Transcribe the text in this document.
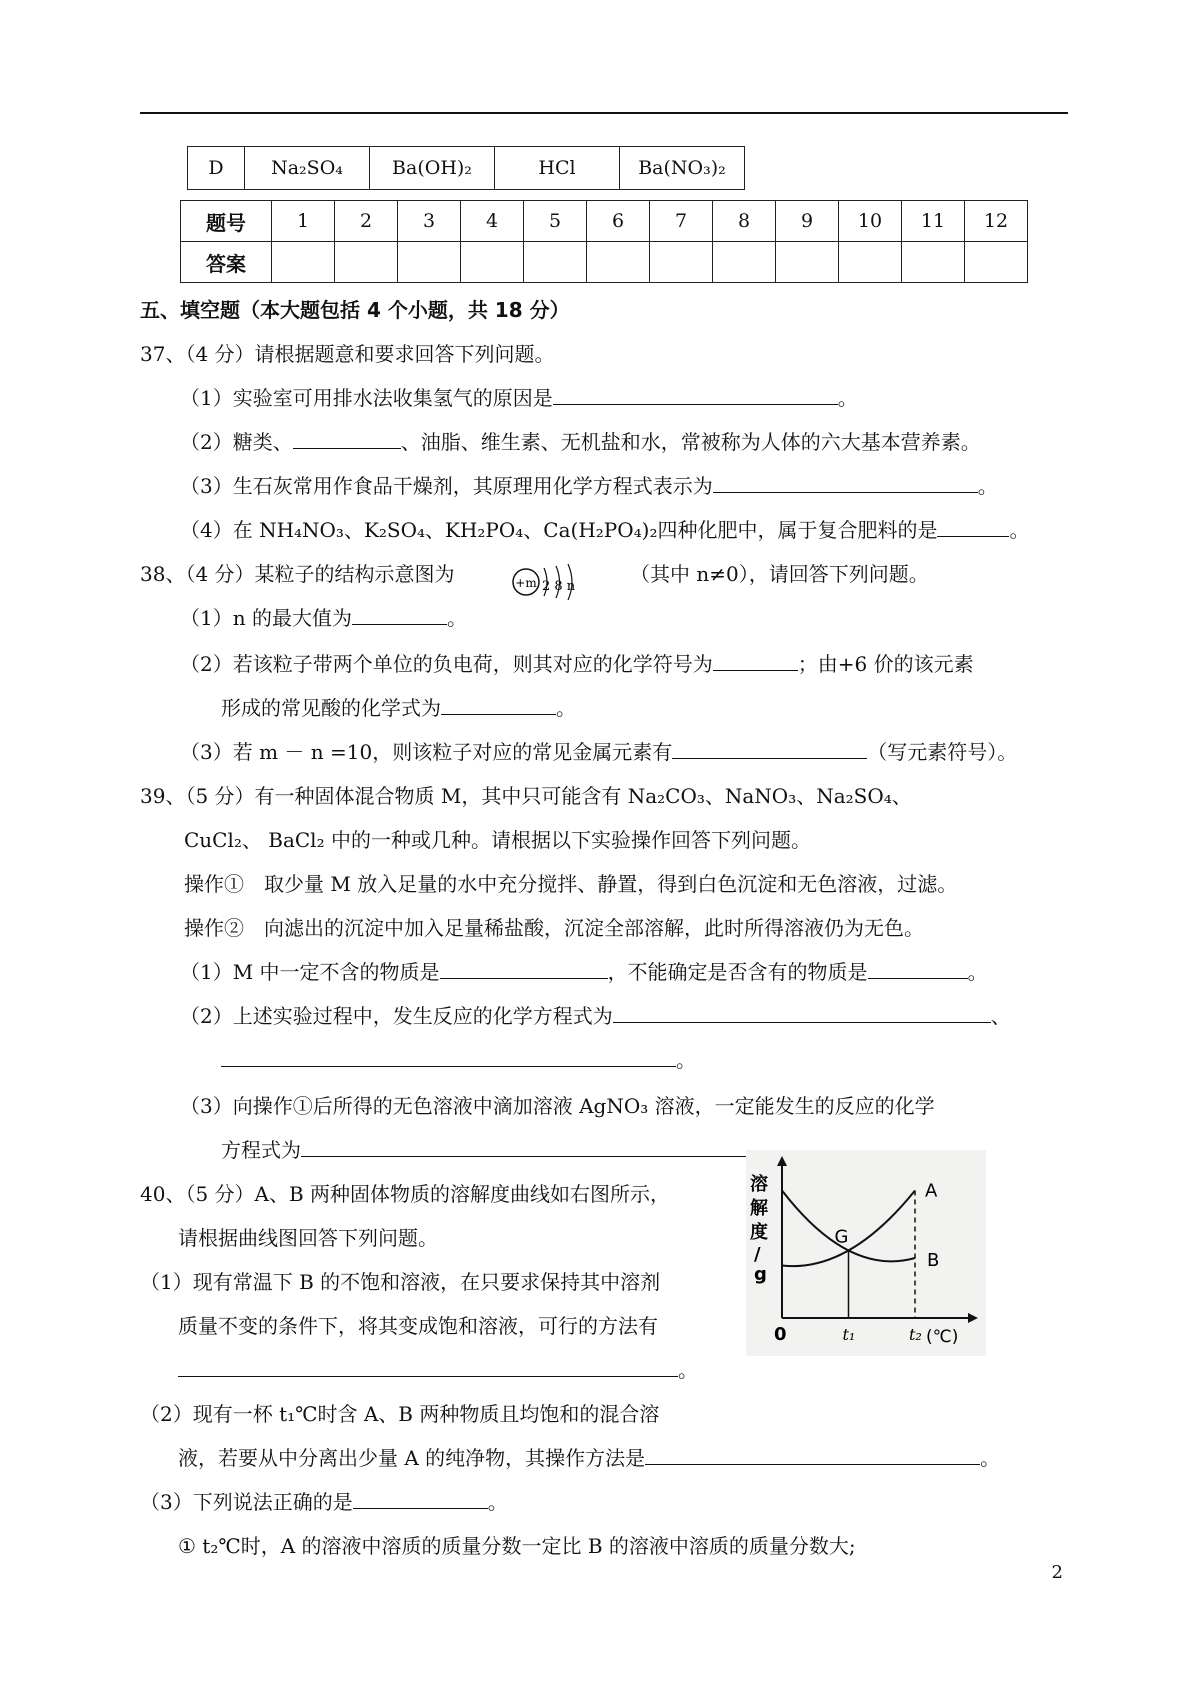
D	Na₂SO₄	Ba(OH)₂	HCl	Ba(NO₃)₂
题号	1	2	3	4	5	6	7	8	9	10	11	12
答案												
五、填空题（本大题包括 4 个小题，共 18 分）
37、（4 分）请根据题意和要求回答下列问题。
（1）实验室可用排水法收集氢气的原因是	。
（2）糖类、	、油脂、维生素、无机盐和水，常被称为人体的六大基本营养素。
（3）生石灰常用作食品干燥剂，其原理用化学方程式表示为	。
（4）在 NH₄NO₃、K₂SO₄、KH₂PO₄、Ca(H₂PO₄)₂四种化肥中，属于复合肥料的是	。
38、（4 分）某粒子的结构示意图为	+m 2 8 n
（其中 n≠0），请回答下列问题。
（1）n 的最大值为	。
（2）若该粒子带两个单位的负电荷，则其对应的化学符号为	；由+6 价的该元素
形成的常见酸的化学式为	。
（3）若 m － n =10，则该粒子对应的常见金属元素有	（写元素符号）。
39、（5 分）有一种固体混合物质 M，其中只可能含有 Na₂CO₃、NaNO₃、Na₂SO₄、
CuCl₂、 BaCl₂ 中的一种或几种。请根据以下实验操作回答下列问题。
操作①　取少量 M 放入足量的水中充分搅拌、静置，得到白色沉淀和无色溶液，过滤。
操作②　向滤出的沉淀中加入足量稀盐酸，沉淀全部溶解，此时所得溶液仍为无色。
（1）M 中一定不含的物质是	，不能确定是否含有的物质是	。
（2）上述实验过程中，发生反应的化学方程式为	、
。
（3）向操作①后所得的无色溶液中滴加溶液 AgNO₃ 溶液，一定能发生的反应的化学
方程式为	。
40、（5 分）A、B 两种固体物质的溶解度曲线如右图所示，
请根据曲线图回答下列问题。
（1）现有常温下 B 的不饱和溶液，在只要求保持其中溶剂
质量不变的条件下，将其变成饱和溶液，可行的方法有
。
（2）现有一杯 t₁℃时含 A、B 两种物质且均饱和的混合溶
液，若要从中分离出少量 A 的纯净物，其操作方法是	。
（3）下列说法正确的是	。
① t₂℃时，A 的溶液中溶质的质量分数一定比 B 的溶液中溶质的质量分数大;
溶
解
度
/
g
A
B
G
0	t₁	t₂ (℃)
2
